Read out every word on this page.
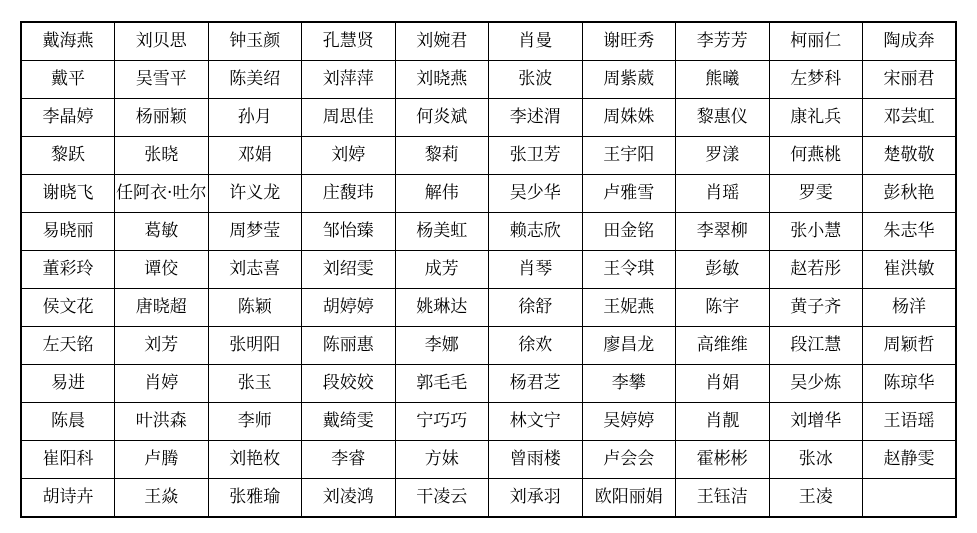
戴海燕	刘贝思	钟玉颜	孔慧贤	刘婉君	肖曼	谢旺秀	李芳芳	柯丽仁	陶成奔
戴平	吴雪平	陈美绍	刘萍萍	刘晓燕	张波	周紫葳	熊曦	左梦科	宋丽君
李晶婷	杨丽颖	孙月	周思佳	何炎斌	李述渭	周姝姝	黎惠仪	康礼兵	邓芸虹
黎跃	张晓	邓娟	刘婷	黎莉	张卫芳	王宇阳	罗漾	何燕桃	楚敬敬
谢晓飞	任阿衣·吐尔	许义龙	庄馥玮	解伟	吴少华	卢雅雪	肖瑶	罗雯	彭秋艳
易晓丽	葛敏	周梦莹	邹怡臻	杨美虹	赖志欣	田金铭	李翠柳	张小慧	朱志华
董彩玲	谭佼	刘志喜	刘绍雯	成芳	肖琴	王令琪	彭敏	赵若彤	崔洪敏
侯文花	唐晓超	陈颖	胡婷婷	姚琳达	徐舒	王妮燕	陈宇	黄子齐	杨洋
左天铭	刘芳	张明阳	陈丽惠	李娜	徐欢	廖昌龙	高维维	段江慧	周颖哲
易进	肖婷	张玉	段姣姣	郭毛毛	杨君芝	李攀	肖娟	吴少炼	陈琼华
陈晨	叶洪森	李师	戴绮雯	宁巧巧	林文宁	吴婷婷	肖靓	刘增华	王语瑶
崔阳科	卢腾	刘艳枚	李睿	方妹	曾雨楼	卢会会	霍彬彬	张冰	赵静雯
胡诗卉	王焱	张雅瑜	刘凌鸿	干凌云	刘承羽	欧阳丽娟	王钰洁	王凌	
